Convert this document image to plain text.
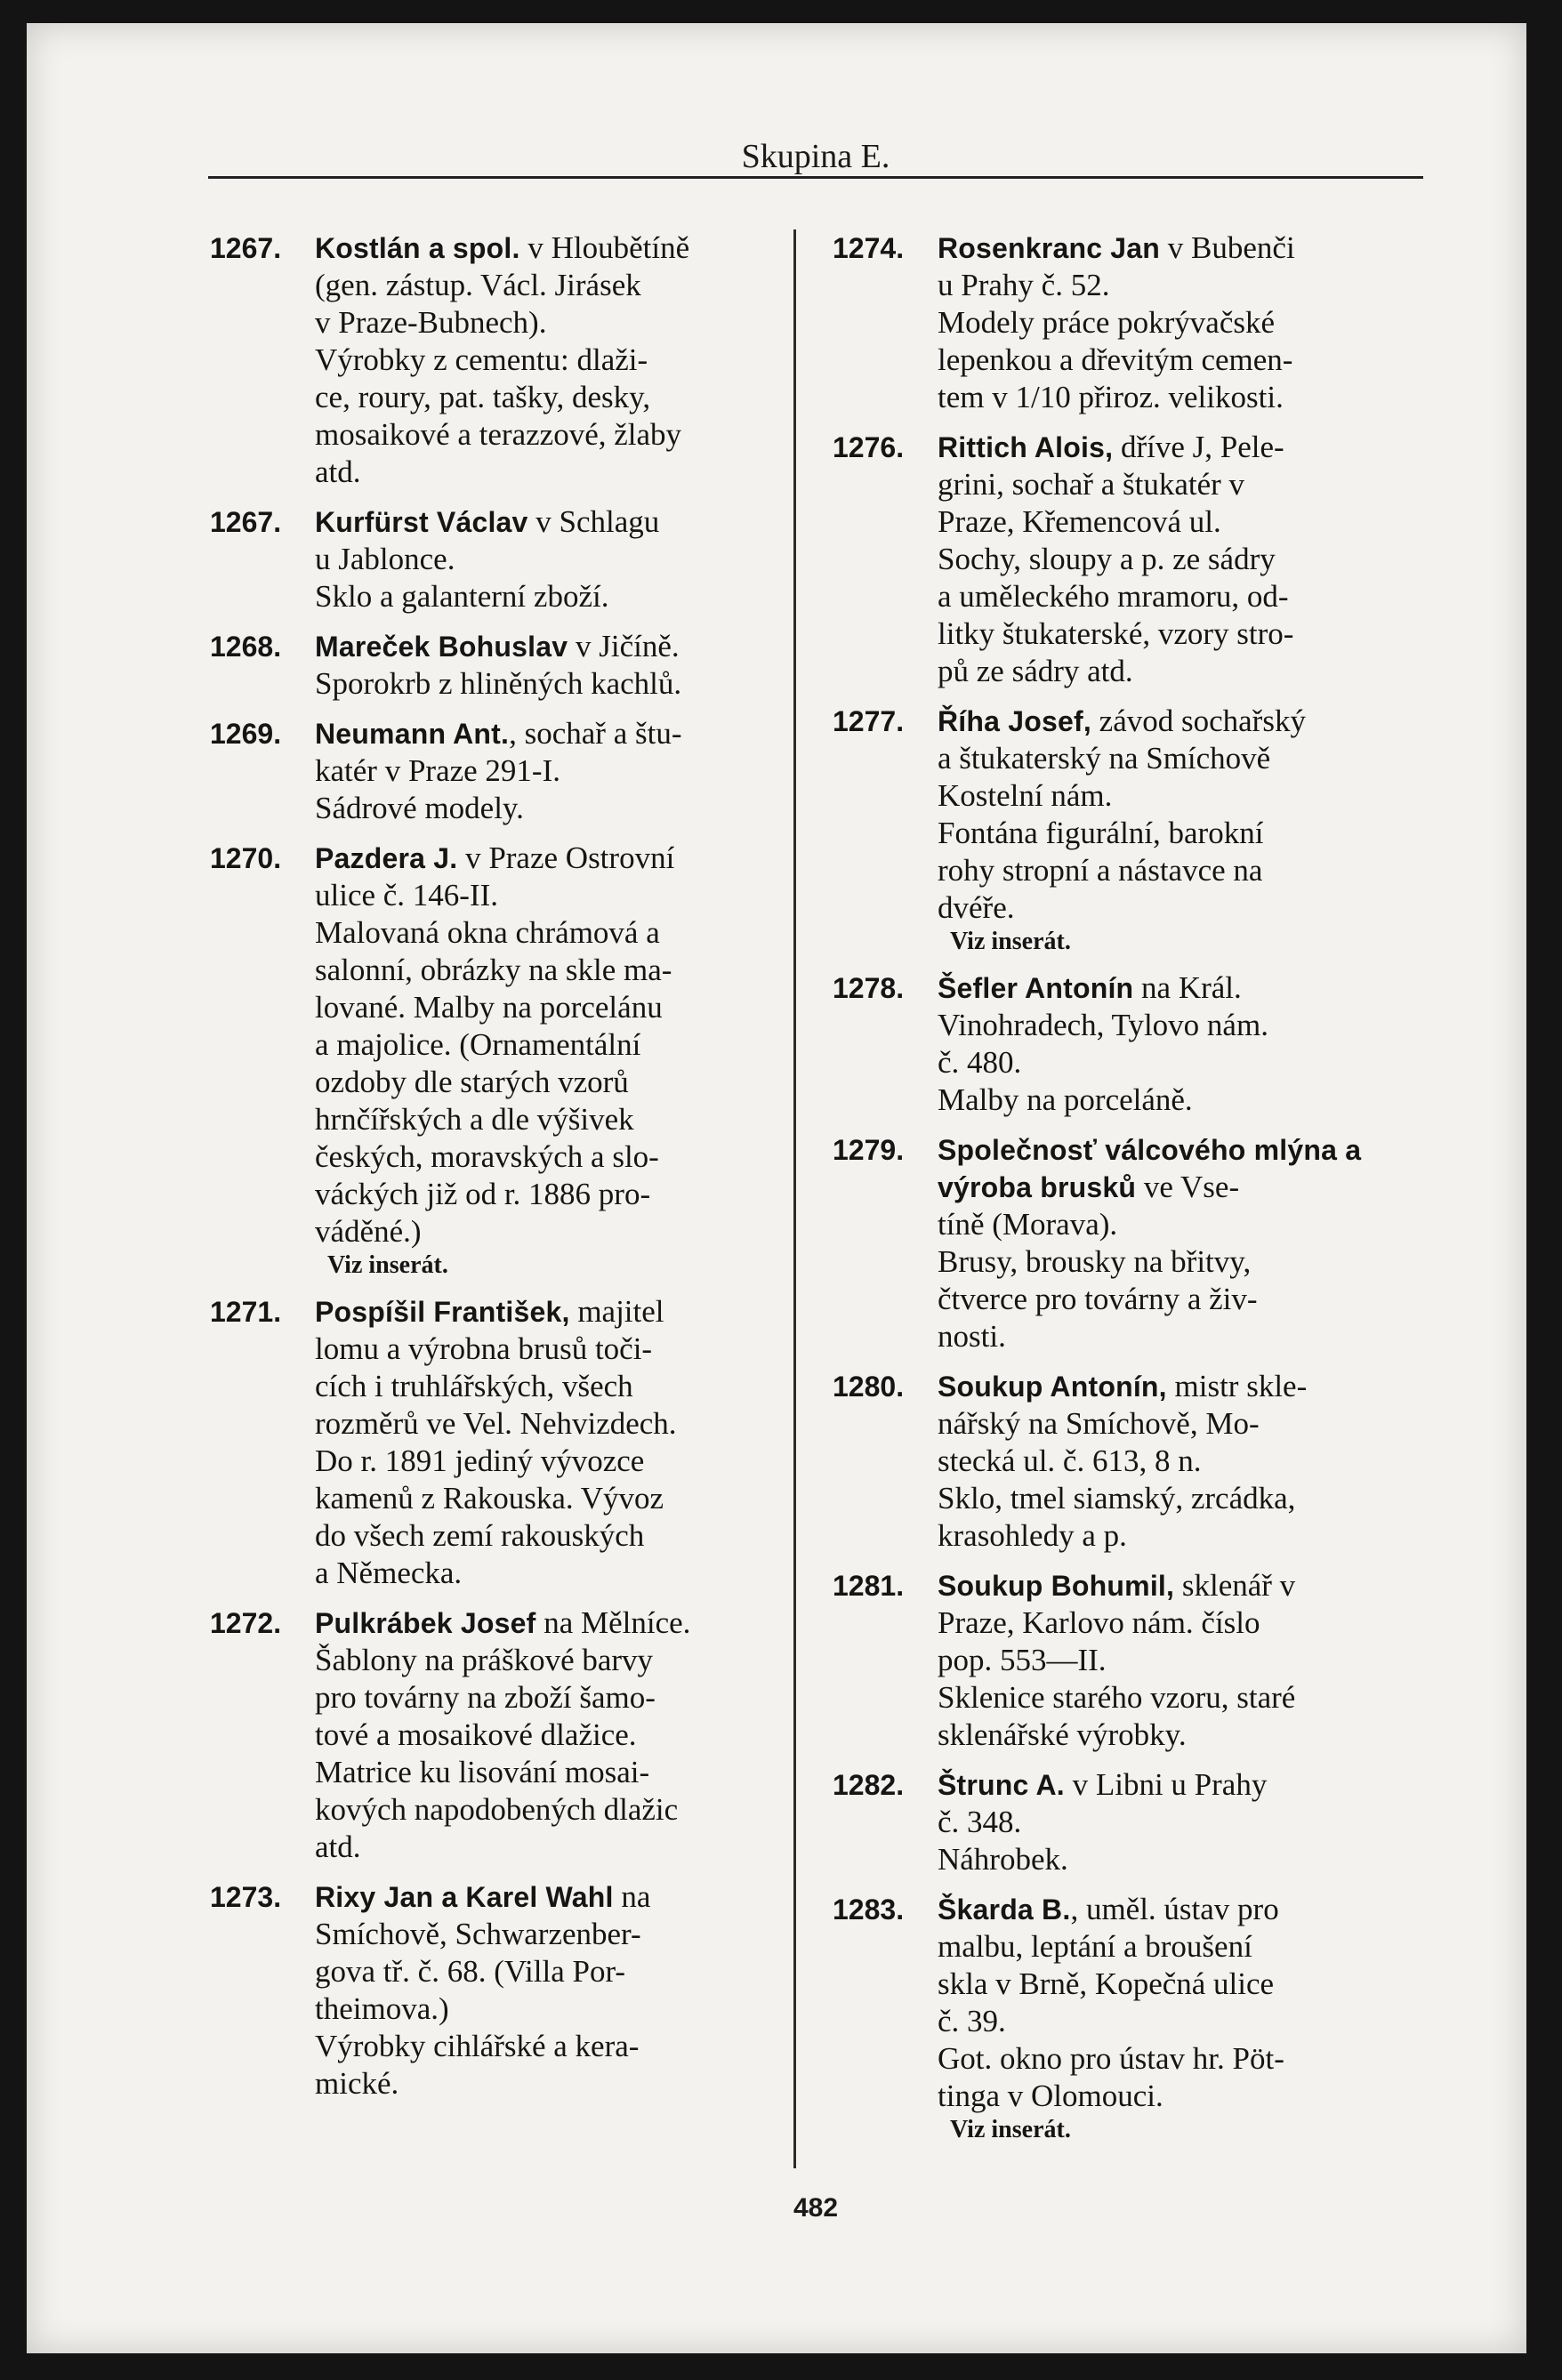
Skupina E.
1267.	Kostlán a spol. v Hloubětíně
(gen. zástup. Václ. Jirásek
v Praze-Bubnech).
Výrobky z cementu: dlaži-
ce, roury, pat. tašky, desky,
mosaikové a terazzové, žlaby
atd.
1267.	Kurfürst Václav v Schlagu
u Jablonce.
Sklo a galanterní zboží.
1268.	Mareček Bohuslav v Jičíně.
Sporokrb z hliněných kachlů.
1269.	Neumann Ant., sochař a štu-
katér v Praze 291-I.
Sádrové modely.
1270.	Pazdera J. v Praze Ostrovní
ulice č. 146-II.
Malovaná okna chrámová a
salonní, obrázky na skle ma-
lované. Malby na porcelánu
a majolice. (Ornamentální
ozdoby dle starých vzorů
hrnčířských a dle výšivek
českých, moravských a slo-
váckých již od r. 1886 pro-
váděné.)
Viz inserát.
1271.	Pospíšil František, majitel
lomu a výrobna brusů toči-
cích i truhlářských, všech
rozměrů ve Vel. Nehvizdech.
Do r. 1891 jediný vývozce
kamenů z Rakouska. Vývoz
do všech zemí rakouských
a Německa.
1272.	Pulkrábek Josef na Mělníce.
Šablony na práškové barvy
pro továrny na zboží šamo-
tové a mosaikové dlažice.
Matrice ku lisování mosai-
kových napodobených dlažic
atd.
1273.	Rixy Jan a Karel Wahl na
Smíchově, Schwarzenber-
gova tř. č. 68. (Villa Por-
theimova.)
Výrobky cihlářské a kera-
mické.
1274.	Rosenkranc Jan v Bubenči
u Prahy č. 52.
Modely práce pokrývačské
lepenkou a dřevitým cemen-
tem v 1/10 přiroz. velikosti.
1276.	Rittich Alois, dříve J, Pele-
grini, sochař a štukatér v
Praze, Křemencová ul.
Sochy, sloupy a p. ze sádry
a uměleckého mramoru, od-
litky štukaterské, vzory stro-
pů ze sádry atd.
1277.	Říha Josef, závod sochařský
a štukaterský na Smíchově
Kostelní nám.
Fontána figurální, barokní
rohy stropní a nástavce na
dvéře.
Viz inserát.
1278.	Šefler Antonín na Král.
Vinohradech, Tylovo nám.
č. 480.
Malby na porceláně.
1279.	Společnosť válcového mlýna a výroba brusků ve Vse-
tíně (Morava).
Brusy, brousky na břitvy,
čtverce pro továrny a živ-
nosti.
1280.	Soukup Antonín, mistr skle-
nářský na Smíchově, Mo-
stecká ul. č. 613, 8 n.
Sklo, tmel siamský, zrcádka,
krasohledy a p.
1281.	Soukup Bohumil, sklenář v
Praze, Karlovo nám. číslo
pop. 553—II.
Sklenice starého vzoru, staré
sklenářské výrobky.
1282.	Štrunc A. v Libni u Prahy
č. 348.
Náhrobek.
1283.	Škarda B., uměl. ústav pro
malbu, leptání a broušení
skla v Brně, Kopečná ulice
č. 39.
Got. okno pro ústav hr. Pöt-
tinga v Olomouci.
Viz inserát.
482
